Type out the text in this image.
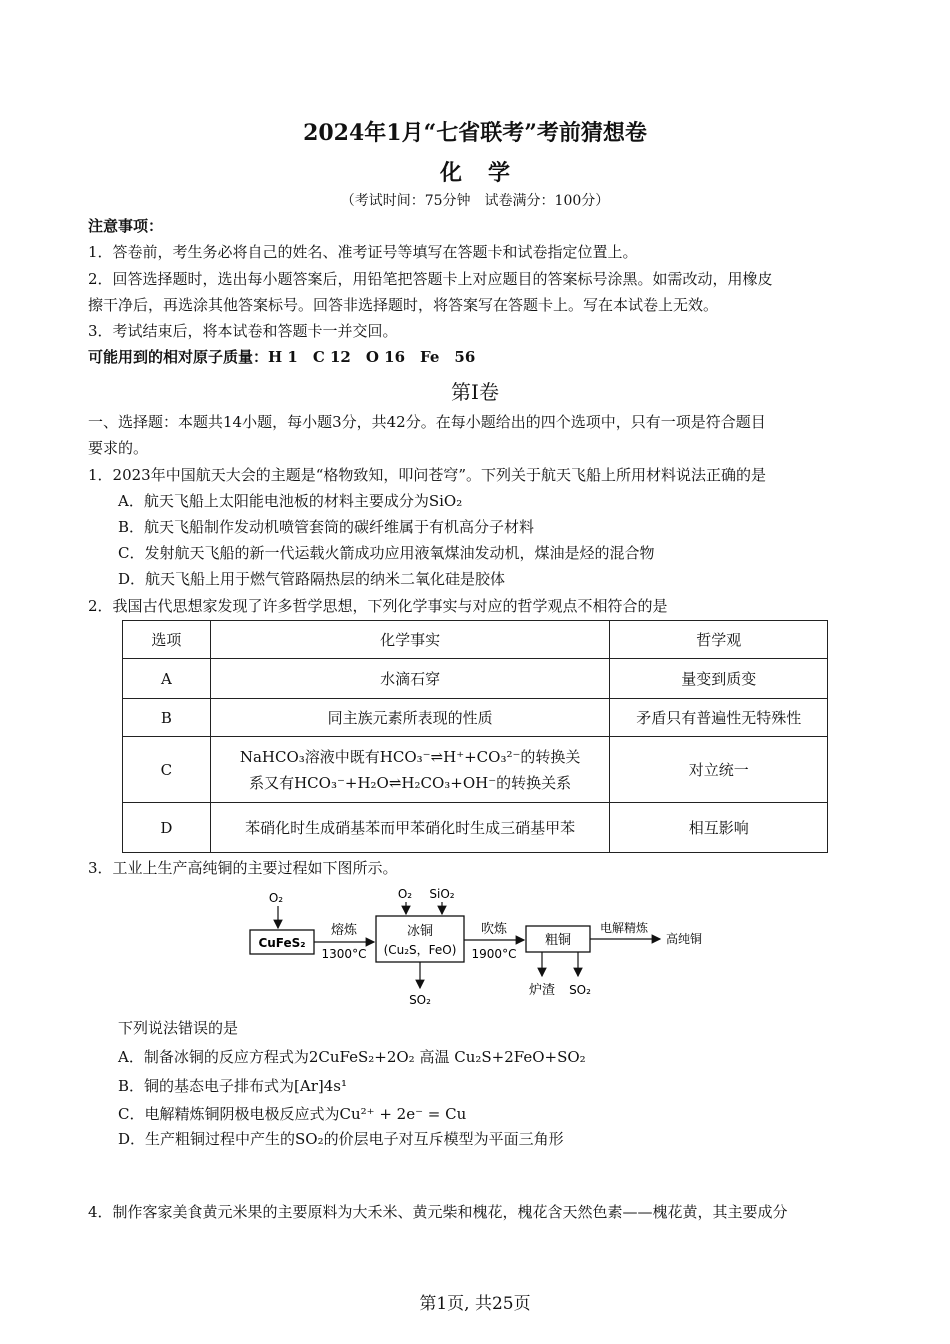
2024年1月“七省联考”考前猜想卷
化学
（考试时间：75分钟　试卷满分：100分）
注意事项：
1．答卷前，考生务必将自己的姓名、准考证号等填写在答题卡和试卷指定位置上。
2．回答选择题时，选出每小题答案后，用铅笔把答题卡上对应题目的答案标号涂黑。如需改动，用橡皮
擦干净后，再选涂其他答案标号。回答非选择题时，将答案写在答题卡上。写在本试卷上无效。
3．考试结束后，将本试卷和答题卡一并交回。
可能用到的相对原子质量：H 1　C 12　O 16　Fe　56
第I卷
一、选择题：本题共14小题，每小题3分，共42分。在每小题给出的四个选项中，只有一项是符合题目
要求的。
1．2023年中国航天大会的主题是“格物致知，叩问苍穹”。下列关于航天飞船上所用材料说法正确的是
A．航天飞船上太阳能电池板的材料主要成分为SiO₂
B．航天飞船制作发动机喷管套筒的碳纤维属于有机高分子材料
C．发射航天飞船的新一代运载火箭成功应用液氧煤油发动机，煤油是烃的混合物
D．航天飞船上用于燃气管路隔热层的纳米二氧化硅是胶体
2．我国古代思想家发现了许多哲学思想，下列化学事实与对应的哲学观点不相符合的是
选项	化学事实	哲学观
A	水滴石穿	量变到质变
B	同主族元素所表现的性质	矛盾只有普遍性无特殊性
C	NaHCO₃溶液中既有HCO₃⁻⇌H⁺+CO₃²⁻的转换关
系又有HCO₃⁻+H₂O⇌H₂CO₃+OH⁻的转换关系	对立统一
D	苯硝化时生成硝基苯而甲苯硝化时生成三硝基甲苯	相互影响
3．工业上生产高纯铜的主要过程如下图所示。
O₂
CuFeS₂
熔炼
1300°C
O₂ SiO₂
冰铜
(Cu₂S，FeO)
SO₂
吹炼
1900°C
粗铜
炉渣 SO₂
电解精炼
高纯铜
下列说法错误的是
A．制备冰铜的反应方程式为2CuFeS₂+2O₂ 高温 Cu₂S+2FeO+SO₂
B．铜的基态电子排布式为[Ar]4s¹
C．电解精炼铜阴极电极反应式为Cu²⁺ + 2e⁻ = Cu
D．生产粗铜过程中产生的SO₂的价层电子对互斥模型为平面三角形
4．制作客家美食黄元米果的主要原料为大禾米、黄元柴和槐花，槐花含天然色素——槐花黄，其主要成分
第1页, 共25页
